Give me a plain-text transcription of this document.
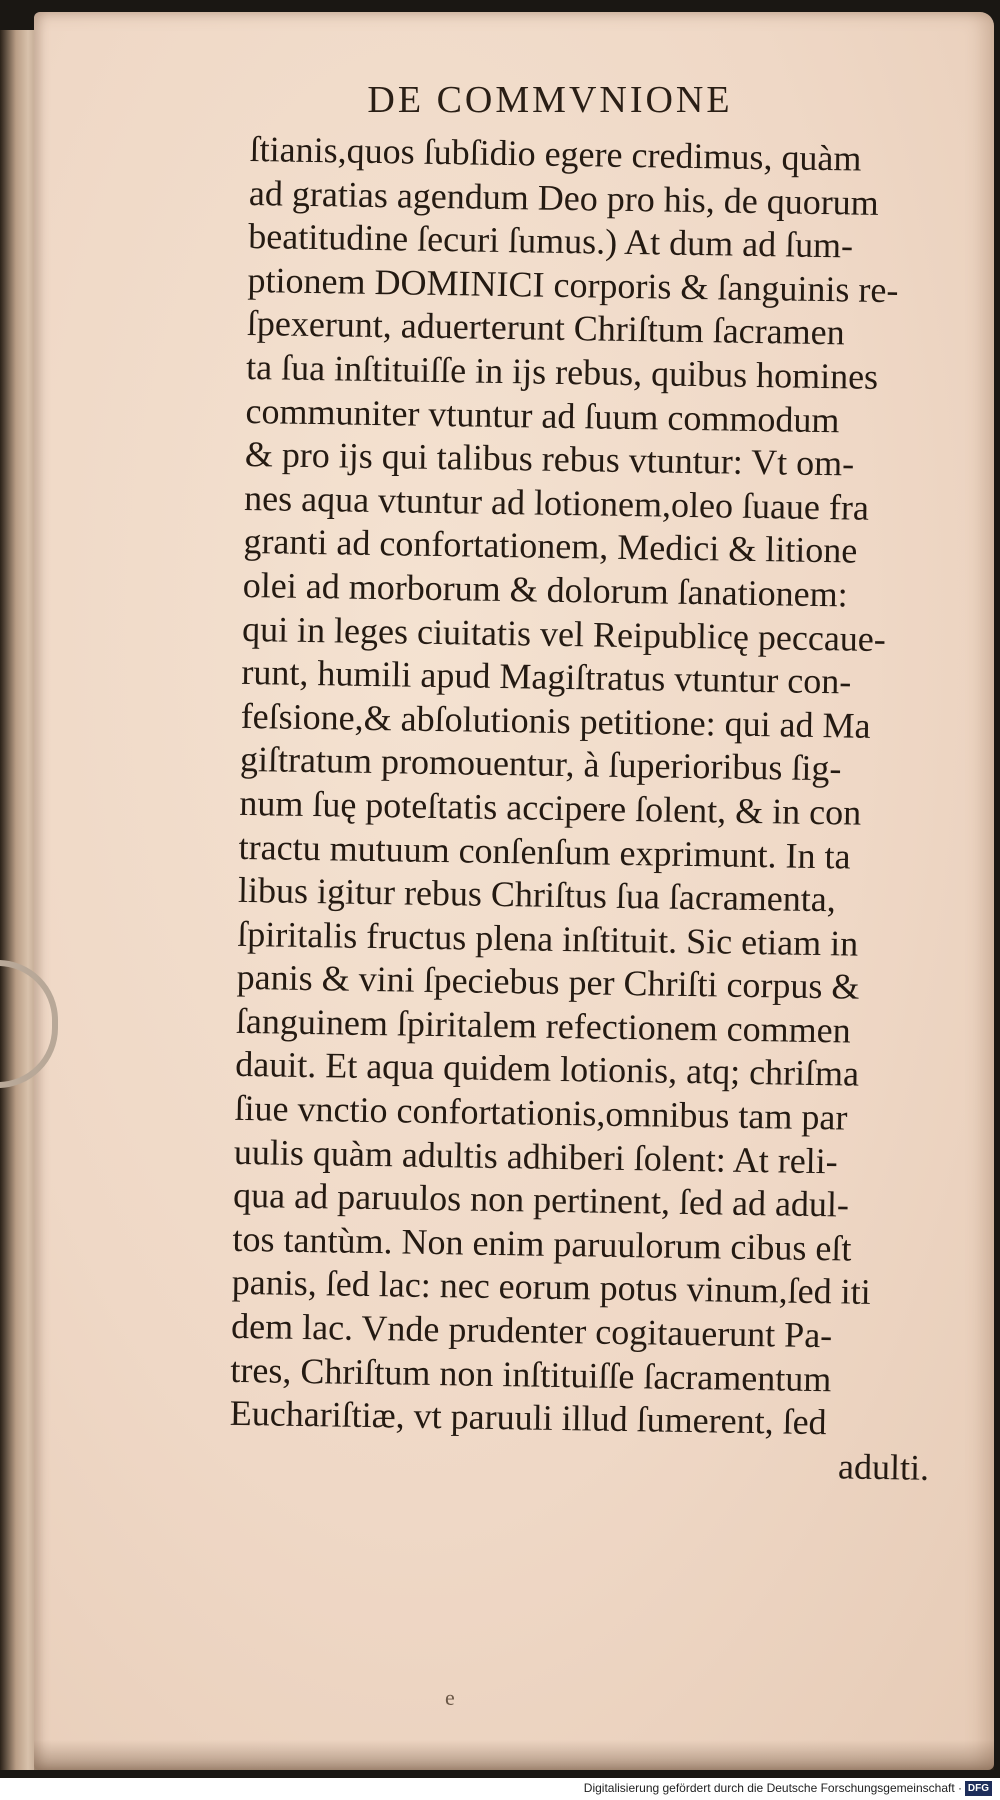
DE COMMVNIONE
ſtianis,quos ſubſidio egere credimus, quàm
ad gratias agendum Deo pro his, de quorum
beatitudine ſecuri ſumus.) At dum ad ſum-
ptionem DOMINICI corporis & ſanguinis re-
ſpexerunt, aduerterunt Chriſtum ſacramen
ta ſua inſtituiſſe in ijs rebus, quibus homines
communiter vtuntur ad ſuum commodum
& pro ijs qui talibus rebus vtuntur: Vt om-
nes aqua vtuntur ad lotionem,oleo ſuaue fra
granti ad confortationem, Medici & litione
olei ad morborum & dolorum ſanationem:
qui in leges ciuitatis vel Reipublicę peccaue-
runt, humili apud Magiſtratus vtuntur con-
feſsione,& abſolutionis petitione: qui ad Ma
giſtratum promouentur, à ſuperioribus ſig-
num ſuę poteſtatis accipere ſolent, & in con
tractu mutuum conſenſum exprimunt. In ta
libus igitur rebus Chriſtus ſua ſacramenta,
ſpiritalis fructus plena inſtituit. Sic etiam in
panis & vini ſpeciebus per Chriſti corpus &
ſanguinem ſpiritalem refectionem commen
dauit. Et aqua quidem lotionis, atq; chriſma
ſiue vnctio confortationis,omnibus tam par
uulis quàm adultis adhiberi ſolent: At reli-
qua ad paruulos non pertinent, ſed ad adul-
tos tantùm. Non enim paruulorum cibus eſt
panis, ſed lac: nec eorum potus vinum,ſed iti
dem lac. Vnde prudenter cogitauerunt Pa-
tres, Chriſtum non inſtituiſſe ſacramentum
Euchariſtiæ, vt paruuli illud ſumerent, ſed
adulti.
e
Digitalisierung gefördert durch die Deutsche Forschungsgemeinschaft · DFG
